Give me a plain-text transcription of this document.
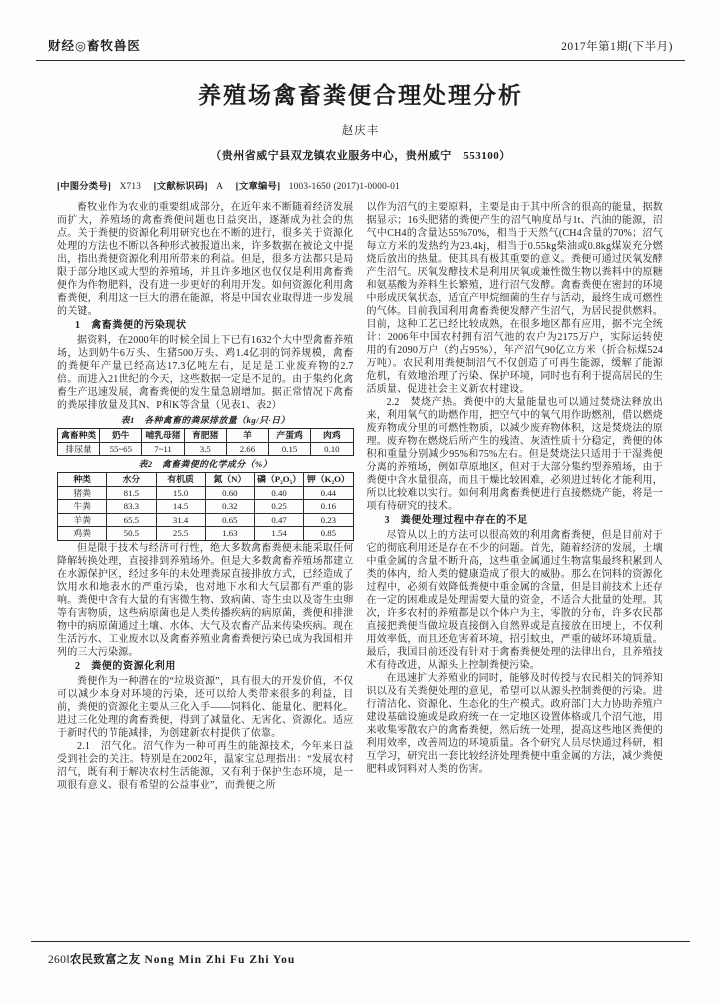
财经◎畜牧兽医	2017年第1期(下半月)
养殖场禽畜粪便合理处理分析
赵庆丰
（贵州省威宁县双龙镇农业服务中心，贵州威宁　553100）
[中图分类号] X713 [文献标识码] A [文章编号] 1003-1650 (2017)1-0000-01

畜牧业作为农业的重要组成部分，在近年来不断随着经济发展而扩大，养殖场的禽畜粪便问题也日益突出，逐渐成为社会的焦点。关于粪便的资源化利用研究也在不断的进行，很多关于资源化处理的方法也不断以各种形式被报道出来，许多数据在被论文中提出，指出粪便资源化利用所带来的利益。但是，很多方法都只是局限于部分地区或大型的养殖场，并且许多地区也仅仅是利用禽畜粪便作为作物肥料，没有进一步更好的利用开发。如何资源化利用禽畜粪便，利用这一巨大的潜在能源，将是中国农业取得进一步发展的关键。

1　禽畜粪便的污染现状

据资料，在2000年的时候全国上下已有1632个大中型禽畜养殖场，达到奶牛6万头、生猪500万头、鸡1.4亿羽的饲养规模，禽畜的粪便年产量已经高达17.3亿吨左右，足足是工业废弃物的2.7倍。而进入21世纪的今天，这些数据一定是不足的。由于集约化禽畜生产迅速发展，禽畜粪便的发生量急剧增加。据正常情况下禽畜的粪尿排放量及其N、P和K等含量（见表1、表2）

表1　各种禽畜的粪尿排放量（kg/只·日）
禽畜种类	奶牛	哺乳母猪	育肥猪	羊	产蛋鸡	肉鸡
排尿量	55~65	7~11	3.5	2.66	0.15	0.10
表2　禽畜粪便的化学成分（%）
种类	水分	有机质	氮（N）	磷（P₂O₅）	钾（K₂O）
猪粪	81.5	15.0	0.60	0.40	0.44
牛粪	83.3	14.5	0.32	0.25	0.16
羊粪	65.5	31.4	0.65	0.47	0.23
鸡粪	50.5	25.5	1.63	1.54	0.85

但是限于技术与经济可行性，绝大多数禽畜粪便未能采取任何降解转换处理，直接排到养殖场外。但是大多数禽畜养殖场都建立在水源保护区，经过多年的未处理粪尿直接排放方式，已经造成了饮用水和地表水的严重污染，也对地下水和大气层都有严重的影响。粪便中含有大量的有害微生物、致病菌、寄生虫以及寄生虫卵等有害物质，这些病原菌也是人类传播疾病的病原菌，粪便和排泄物中的病原菌通过土壤、水体、大气及农畜产品来传染疾病。现在生活污水、工业废水以及禽畜养殖业禽畜粪便污染已成为我国相并列的三大污染源。

2　粪便的资源化利用

粪便作为一种潜在的“垃圾资源”，具有很大的开发价值，不仅可以减少本身对环境的污染，还可以给人类带来很多的利益，目前，粪便的资源化主要从三化入手——饲料化、能量化、肥料化。进过三化处理的禽畜粪便，得到了减量化、无害化、资源化。适应于新时代的节能减排，为创建新农村提供了依靠。

2.1　沼气化。沼气作为一种可再生的能源技术，今年来日益受到社会的关注。特别是在2002年，温家宝总理指出：“发展农村沼气，既有利于解决农村生活能源，又有利于保护生态环境，是一项很有意义、很有希望的公益事业”，而粪便之所

以作为沼气的主要原料，主要是由于其中所含的很高的能量，据数据显示；16头肥猪的粪便产生的沼气响度昂与1t、汽油的能源，沼气中CH4的含量达55%70%，相当于天然气(CH4含量的70%；沼气每立方米的发热约为23.4kj，相当于0.55kg柴油或0.8kg煤炭充分燃烧后放出的热量。使其具有极其重要的意义。粪便可通过厌氧发酵产生沼气。厌氧发酵技术是利用厌氧或兼性微生物以粪料中的原糖和氨基酸为养料生长繁殖，进行沼气发酵。禽畜粪便在密封的环境中形成厌氧状态，适宜产甲烷细菌的生存与活动，最终生成可燃性的气体。目前我国利用禽畜粪便发酵产生沼气，为居民提供燃料。目前，这种工艺已经比较成熟，在很多地区都有应用，据不完全统计：2006年中国农村拥有沼气池的农户为2175万户，实际运转使用的有2090万户（约占95%），年产沼气90亿立方米（折合标煤524万吨）。农民利用粪便制沼气不仅创造了可再生能源，缓解了能源危机，有效地治理了污染、保护环境，同时也有利于提高居民的生活质量、促进社会主义新农村建设。

2.2　焚烧产热。粪便中的大量能量也可以通过焚烧法释放出来，利用氧气的助燃作用，把空气中的氧气用作助燃剂，借以燃烧废弃物成分里的可燃性物质，以减少废弃物体积，这是焚烧法的原理。废弃物在燃烧后所产生的残渣、灰渣性质十分稳定，粪便的体积和重量分别减少95%和75%左右。但是焚烧法只适用于干湿粪便分离的养殖场，例如草原地区，但对于大部分集约型养殖场，由于粪便中含水量很高，而且干燥比较困难，必须进过转化才能利用，所以比较难以实行。如何利用禽畜粪便进行直接燃烧产能，将是一项有待研究的技术。

3　粪便处理过程中存在的不足

尽管从以上的方法可以很高效的利用禽畜粪便，但是目前对于它的彻底利用还是存在不少的问题。首先，随着经济的发展，土壤中重金属的含量不断升高，这些重金属通过生物富集最终积累到人类的体内，给人类的健康造成了很大的威胁。那么在饲料的资源化过程中，必须有效降低粪便中重金属的含量，但是目前技术上还存在一定的困难或是处理需要大量的资金，不适合大批量的处理。其次，许多农村的养殖都是以个体户为主，零散的分布，许多农民都直接把粪便当做垃圾直接倒入自然界或是直接放在田埂上，不仅利用效率低，而且还危害着环境，招引蚊虫，严重的破坏环境质量。最后，我国目前还没有针对于禽畜粪便处理的法律出台，且养殖技术有待改进，从源头上控制粪便污染。

在迅速扩大养殖业的同时，能够及时传授与农民相关的饲养知识以及有关粪便处理的意见，希望可以从源头控制粪便的污染。进行清洁化、资源化、生态化的生产模式。政府部门大力协助养殖户建设基础设施或是政府统一在一定地区设置体格或几个沼气池，用来收集零散农户的禽畜粪便，然后统一处理，提高这些地区粪便的利用效率，改善周边的环境质量。各个研究人员尽快通过科研，相互学习，研究出一套比较经济处理粪便中重金属的方法，减少粪便肥料或饲料对人类的伤害。

260‖农民致富之友 Nong Min Zhi Fu Zhi You
